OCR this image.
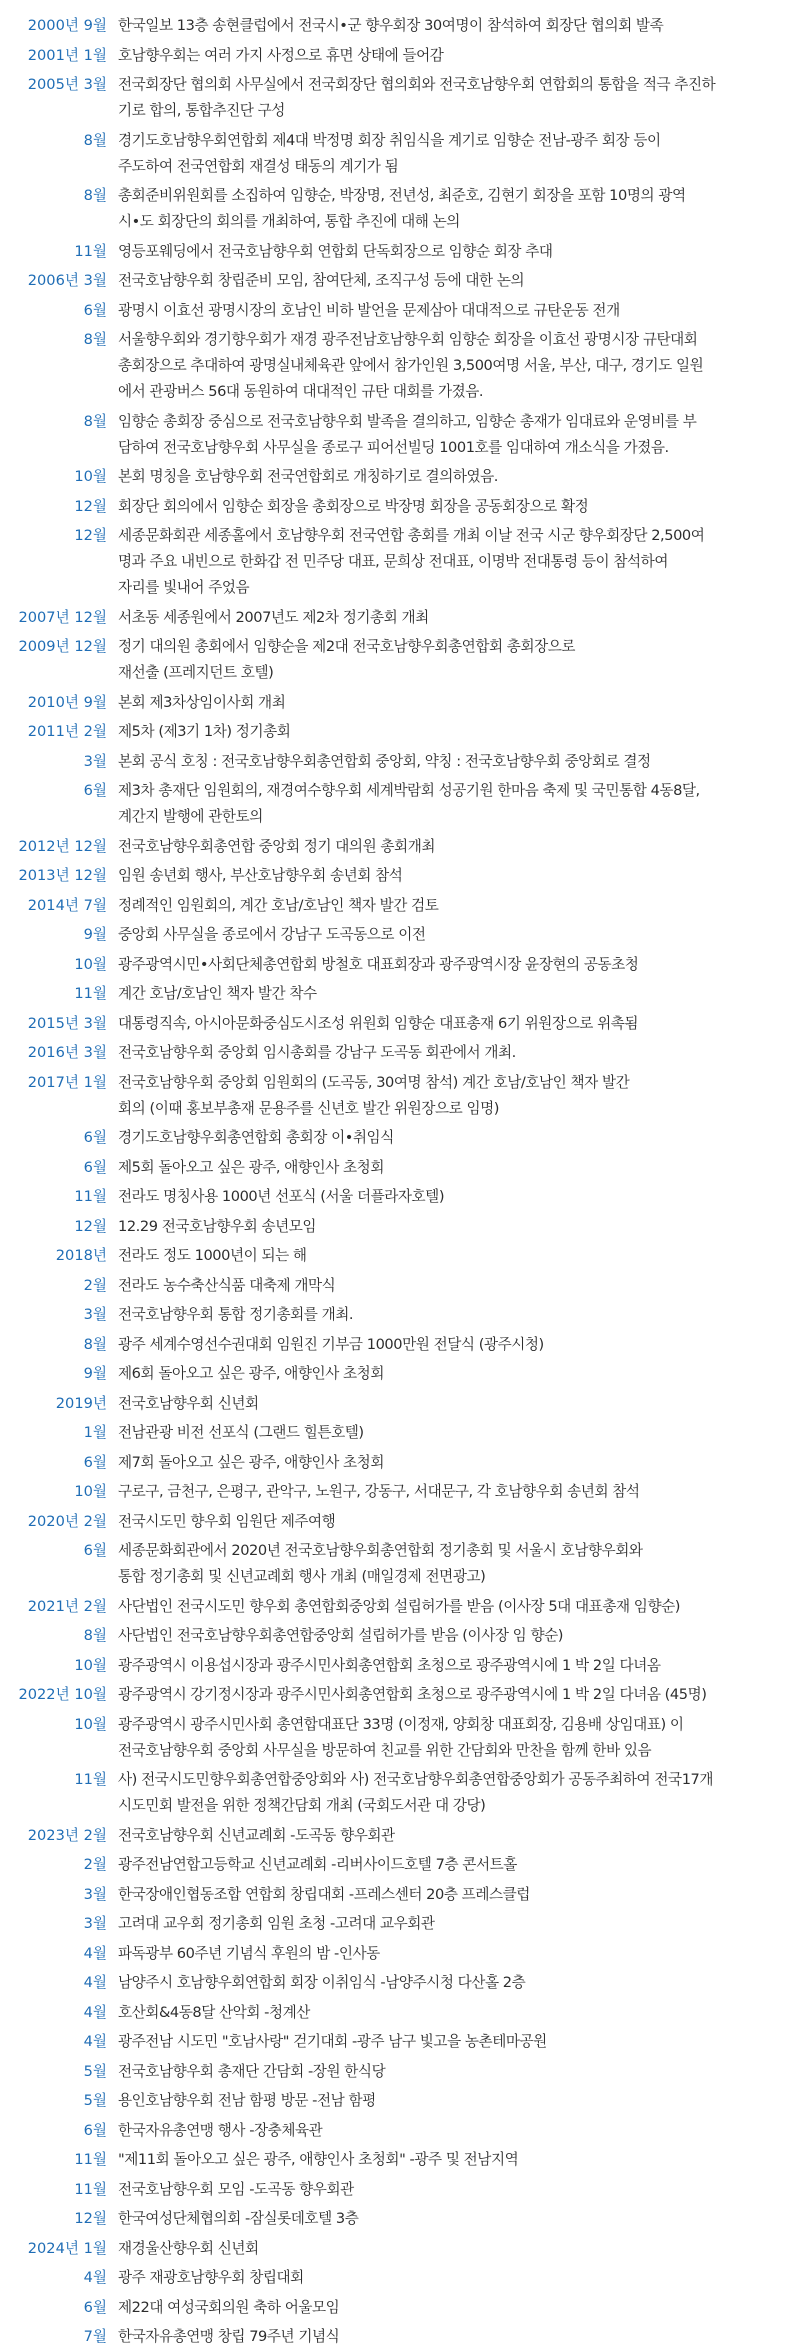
2000년 9월 한국일보 13층 송현클럽에서 전국시•군 향우회장 30여명이 참석하여 회장단 협의회 발족
2001년 1월 호남향우회는 여러 가지 사정으로 휴면 상태에 들어감
2005년 3월 전국회장단 협의회 사무실에서 전국회장단 협의회와 전국호남향우회 연합회의 통합을 적극 추진하
기로 합의, 통합추진단 구성
8월 경기도호남향우회연합회 제4대 박정명 회장 취임식을 계기로 임향순 전남-광주 회장 등이
주도하여 전국연합회 재결성 태동의 계기가 됨
8월 총회준비위원회를 소집하여 임향순, 박장명, 전년성, 최준호, 김현기 회장을 포함 10명의 광역
시•도 회장단의 회의를 개최하여, 통합 추진에 대해 논의
11월 영등포웨딩에서 전국호남향우회 연합회 단독회장으로 임향순 회장 추대
2006년 3월 전국호남향우회 창립준비 모임, 참여단체, 조직구성 등에 대한 논의
6월 광명시 이효선 광명시장의 호남인 비하 발언을 문제삼아 대대적으로 규탄운동 전개
8월 서울향우회와 경기향우회가 재경 광주전남호남향우회 임향순 회장을 이효선 광명시장 규탄대회
총회장으로 추대하여 광명실내체육관 앞에서 참가인원 3,500여명 서울, 부산, 대구, 경기도 일원
에서 관광버스 56대 동원하여 대대적인 규탄 대회를 가졌음.
8월 임향순 총회장 중심으로 전국호남향우회 발족을 결의하고, 임향순 총재가 임대료와 운영비를 부
담하여 전국호남향우회 사무실을 종로구 피어선빌딩 1001호를 임대하여 개소식을 가졌음.
10월 본회 명칭을 호남향우회 전국연합회로 개칭하기로 결의하였음.
12월 회장단 회의에서 임향순 회장을 총회장으로 박장명 회장을 공동회장으로 확정
12월 세종문화회관 세종홀에서 호남향우회 전국연합 총회를 개최 이날 전국 시군 향우회장단 2,500여
명과 주요 내빈으로 한화갑 전 민주당 대표, 문희상 전대표, 이명박 전대통령 등이 참석하여
자리를 빛내어 주었음
2007년 12월 서초동 세종원에서 2007년도 제2차 정기총회 개최
2009년 12월 정기 대의원 총회에서 임향순을 제2대 전국호남향우회총연합회 총회장으로
재선출 (프레지던트 호텔)
2010년 9월 본회 제3차상임이사회 개최
2011년 2월 제5차 (제3기 1차) 정기총회
3월 본회 공식 호칭 : 전국호남향우회총연합회 중앙회, 약칭 : 전국호남향우회 중앙회로 결정
6월 제3차 총재단 임원회의, 재경여수향우회 세계박람회 성공기원 한마음 축제 및 국민통합 4동8달,
계간지 발행에 관한토의
2012년 12월 전국호남향우회총연합 중앙회 정기 대의원 총회개최
2013년 12월 임원 송년회 행사, 부산호남향우회 송년회 참석
2014년 7월 정례적인 임원회의, 계간 호남/호남인 책자 발간 검토
9월 중앙회 사무실을 종로에서 강남구 도곡동으로 이전
10월 광주광역시민•사회단체총연합회 방철호 대표회장과 광주광역시장 윤장현의 공동초청
11월 계간 호남/호남인 책자 발간 착수
2015년 3월 대통령직속, 아시아문화중심도시조성 위원회 임향순 대표총재 6기 위원장으로 위촉됨
2016년 3월 전국호남향우회 중앙회 임시총회를 강남구 도곡동 회관에서 개최.
2017년 1월 전국호남향우회 중앙회 임원회의 (도곡동, 30여명 참석) 계간 호남/호남인 책자 발간
회의 (이때 홍보부총재 문용주를 신년호 발간 위원장으로 임명)
6월 경기도호남향우회총연합회 총회장 이•취임식
6월 제5회 돌아오고 싶은 광주, 애향인사 초청회
11월 전라도 명칭사용 1000년 선포식 (서울 더플라자호텔)
12월 12.29 전국호남향우회 송년모임
2018년 전라도 정도 1000년이 되는 해
2월 전라도 농수축산식품 대축제 개막식
3월 전국호남향우회 통합 정기총회를 개최.
8월 광주 세계수영선수권대회 임원진 기부금 1000만원 전달식 (광주시청)
9월 제6회 돌아오고 싶은 광주, 애향인사 초청회
2019년 전국호남향우회 신년회
1월 전남관광 비전 선포식 (그랜드 힐튼호텔)
6월 제7회 돌아오고 싶은 광주, 애향인사 초청회
10월 구로구, 금천구, 은평구, 관악구, 노원구, 강동구, 서대문구, 각 호남향우회 송년회 참석
2020년 2월 전국시도민 향우회 임원단 제주여행
6월 세종문화회관에서 2020년 전국호남향우회총연합회 정기총회 및 서울시 호남향우회와
통합 정기총회 및 신년교례회 행사 개최 (매일경제 전면광고)
2021년 2월 사단법인 전국시도민 향우회 총연합회중앙회 설립허가를 받음 (이사장 5대 대표총재 임향순)
8월 사단법인 전국호남향우회총연합중앙회 설립허가를 받음 (이사장 임 향순)
10월 광주광역시 이용섭시장과 광주시민사회총연합회 초청으로 광주광역시에 1 박 2일 다녀옴
2022년 10월 광주광역시 강기정시장과 광주시민사회총연합회 초청으로 광주광역시에 1 박 2일 다녀옴 (45명)
10월 광주광역시 광주시민사회 총연합대표단 33명 (이정재, 양회창 대표회장, 김용배 상임대표) 이
전국호남향우회 중앙회 사무실을 방문하여 친교를 위한 간담회와 만찬을 함께 한바 있음
11월 사) 전국시도민향우회총연합중앙회와 사) 전국호남향우회총연합중앙회가 공동주최하여 전국17개
시도민회 발전을 위한 정책간담회 개최 (국회도서관 대 강당)
2023년 2월 전국호남향우회 신년교례회 -도곡동 향우회관
2월 광주전남연합고등학교 신년교례회 -리버사이드호텔 7층 콘서트홀
3월 한국장애인협동조합 연합회 창립대회 -프레스센터 20층 프레스클럽
3월 고려대 교우회 정기총회 임원 초청 -고려대 교우회관
4월 파독광부 60주년 기념식 후원의 밤 -인사동
4월 남양주시 호남향우회연합회 회장 이취임식 -남양주시청 다산홀 2층
4월 호산회&4동8달 산악회 -청계산
4월 광주전남 시도민 "호남사랑" 걷기대회 -광주 남구 빛고을 농촌테마공원
5월 전국호남향우회 총재단 간담회 -장원 한식당
5월 용인호남향우회 전남 함평 방문 -전남 함평
6월 한국자유총연맹 행사 -장충체육관
11월 "제11회 돌아오고 싶은 광주, 애향인사 초청회" -광주 및 전남지역
11월 전국호남향우회 모임 -도곡동 향우회관
12월 한국여성단체협의회 -잠실롯데호텔 3층
2024년 1월 재경울산향우회 신년회
4월 광주 재광호남향우회 창립대회
6월 제22대 여성국회의원 축하 어울모임
7월 한국자유총연맹 창립 79주년 기념식
